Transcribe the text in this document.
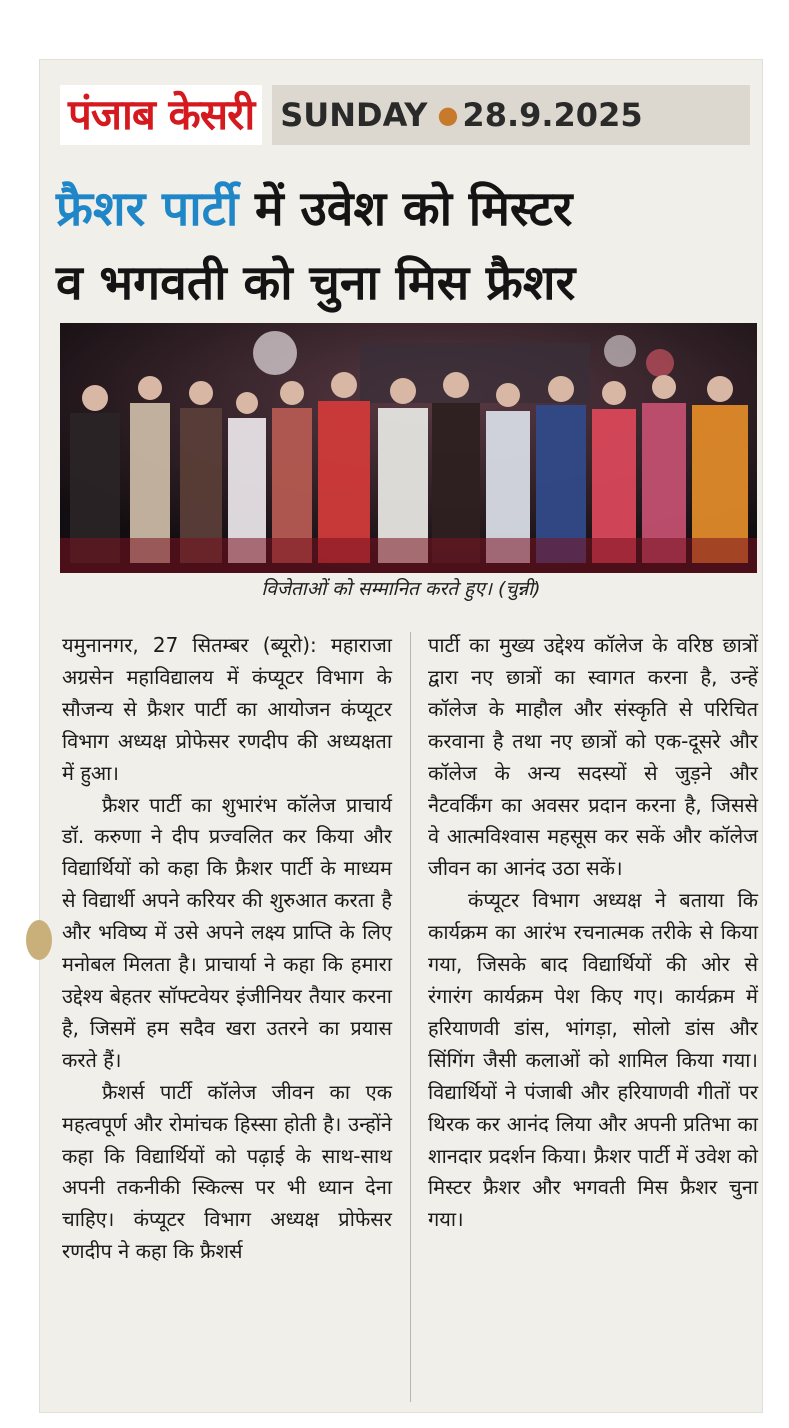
पंजाब केसरी SUNDAY ● 28.9.2025
फ्रैशर पार्टी में उवेश को मिस्टर
व भगवती को चुना मिस फ्रैशर
विजेताओं को सम्मानित करते हुए। (चुन्नी)

यमुनानगर, 27 सितम्बर (ब्यूरो): महाराजा अग्रसेन महाविद्यालय में कंप्यूटर विभाग के सौजन्य से फ्रैशर पार्टी का आयोजन कंप्यूटर विभाग अध्यक्ष प्रोफेसर रणदीप की अध्यक्षता में हुआ।

फ्रैशर पार्टी का शुभारंभ कॉलेज प्राचार्य डॉ. करुणा ने दीप प्रज्वलित कर किया और विद्यार्थियों को कहा कि फ्रैशर पार्टी के माध्यम से विद्यार्थी अपने करियर की शुरुआत करता है और भविष्य में उसे अपने लक्ष्य प्राप्ति के लिए मनोबल मिलता है। प्राचार्या ने कहा कि हमारा उद्देश्य बेहतर सॉफ्टवेयर इंजीनियर तैयार करना है, जिसमें हम सदैव खरा उतरने का प्रयास करते हैं।

फ्रैशर्स पार्टी कॉलेज जीवन का एक महत्वपूर्ण और रोमांचक हिस्सा होती है। उन्होंने कहा कि विद्यार्थियों को पढ़ाई के साथ-साथ अपनी तकनीकी स्किल्स पर भी ध्यान देना चाहिए। कंप्यूटर विभाग अध्यक्ष प्रोफेसर रणदीप ने कहा कि फ्रैशर्स

पार्टी का मुख्य उद्देश्य कॉलेज के वरिष्ठ छात्रों द्वारा नए छात्रों का स्वागत करना है, उन्हें कॉलेज के माहौल और संस्कृति से परिचित करवाना है तथा नए छात्रों को एक-दूसरे और कॉलेज के अन्य सदस्यों से जुड़ने और नैटवर्किंग का अवसर प्रदान करना है, जिससे वे आत्मविश्वास महसूस कर सकें और कॉलेज जीवन का आनंद उठा सकें।

कंप्यूटर विभाग अध्यक्ष ने बताया कि कार्यक्रम का आरंभ रचनात्मक तरीके से किया गया, जिसके बाद विद्यार्थियों की ओर से रंगारंग कार्यक्रम पेश किए गए। कार्यक्रम में हरियाणवी डांस, भांगड़ा, सोलो डांस और सिंगिंग जैसी कलाओं को शामिल किया गया। विद्यार्थियों ने पंजाबी और हरियाणवी गीतों पर थिरक कर आनंद लिया और अपनी प्रतिभा का शानदार प्रदर्शन किया। फ्रैशर पार्टी में उवेश को मिस्टर फ्रैशर और भगवती मिस फ्रैशर चुना गया।
